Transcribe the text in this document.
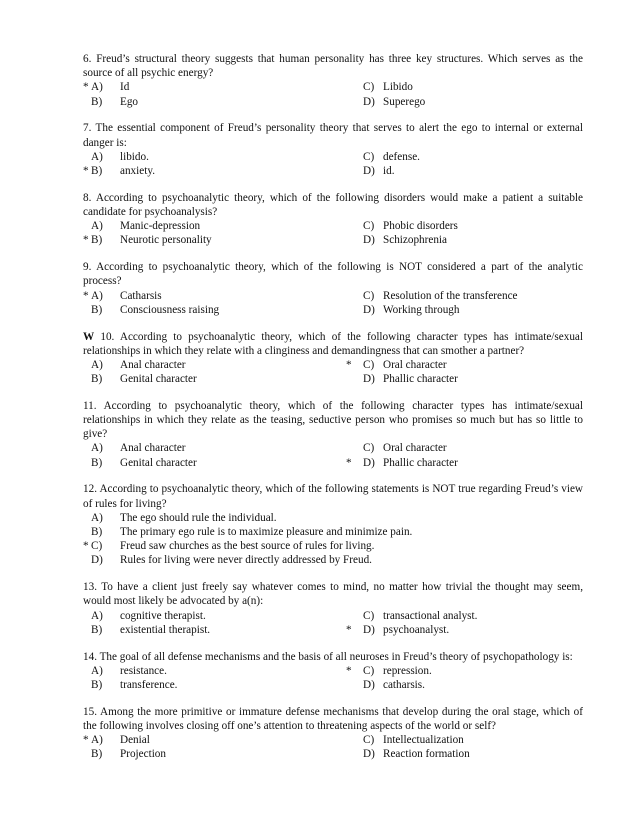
6. Freud’s structural theory suggests that human personality has three key structures. Which serves as the source of all psychic energy?
* A)	Id	C) Libido
B)	Ego	D) Superego
7. The essential component of Freud’s personality theory that serves to alert the ego to internal or external danger is:
A)	libido.	C) defense.
* B)	anxiety.	D) id.
8. According to psychoanalytic theory, which of the following disorders would make a patient a suitable candidate for psychoanalysis?
A)	Manic-depression	C) Phobic disorders
* B)	Neurotic personality	D) Schizophrenia
9. According to psychoanalytic theory, which of the following is NOT considered a part of the analytic process?
* A)	Catharsis	C) Resolution of the transference
B)	Consciousness raising	D) Working through
W 10. According to psychoanalytic theory, which of the following character types has intimate/sexual relationships in which they relate with a clinginess and demandingness that can smother a partner?
A)	Anal character	*	C) Oral character
B)	Genital character	D) Phallic character
11. According to psychoanalytic theory, which of the following character types has intimate/sexual relationships in which they relate as the teasing, seductive person who promises so much but has so little to give?
A)	Anal character	C) Oral character
B)	Genital character	*	D) Phallic character
12. According to psychoanalytic theory, which of the following statements is NOT true regarding Freud’s view of rules for living?
A)	The ego should rule the individual.
B)	The primary ego rule is to maximize pleasure and minimize pain.
* C)	Freud saw churches as the best source of rules for living.
D)	Rules for living were never directly addressed by Freud.
13. To have a client just freely say whatever comes to mind, no matter how trivial the thought may seem, would most likely be advocated by a(n):
A)	cognitive therapist.	C) transactional analyst.
B)	existential therapist.	*	D) psychoanalyst.
14. The goal of all defense mechanisms and the basis of all neuroses in Freud’s theory of psychopathology is:
A)	resistance.	*	C) repression.
B)	transference.	D) catharsis.
15. Among the more primitive or immature defense mechanisms that develop during the oral stage, which of the following involves closing off one’s attention to threatening aspects of the world or self?
* A)	Denial	C) Intellectualization
B)	Projection	D) Reaction formation
